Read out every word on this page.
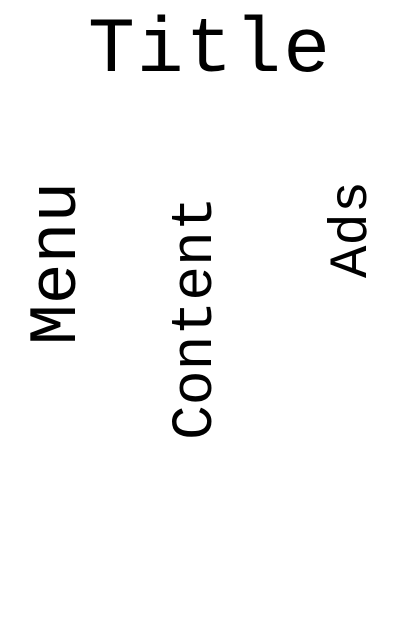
Title
Menu Content Ads
